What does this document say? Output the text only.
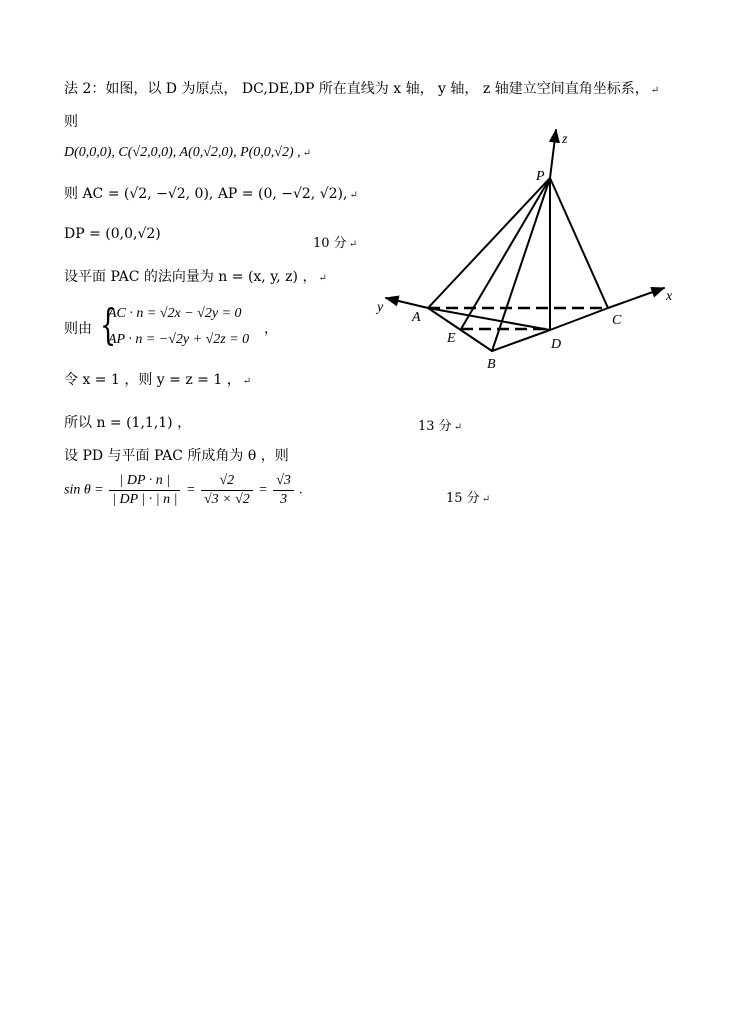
法 2：如图，以 D 为原点， DC,DE,DP 所在直线为 x 轴， y 轴， z 轴建立空间直角坐标系， ↵
则
D(0,0,0), C(√2,0,0), A(0,√2,0), P(0,0,√2) , ↵
则 AC = (√2, −√2, 0), AP = (0, −√2, √2), ↵
DP = (0,0,√2)
10 分 ↵
设平面 PAC 的法向量为 n = (x, y, z) ， ↵
则由 {
AC · n = √2x − √2y = 0
AP · n = −√2y + √2z = 0
，
令 x = 1 ，则 y = z = 1 ， ↵
所以 n = (1,1,1) ，	13 分 ↵
设 PD 与平面 PAC 所成角为 θ ，则
$\sin \theta = \frac{| DP \cdot n |}{| DP | \cdot | n |} = \frac{√2}{√3 \times √2} = \frac{√3}{3}$ .
15 分 ↵
P
z
y
x
A
E
B
D
C
